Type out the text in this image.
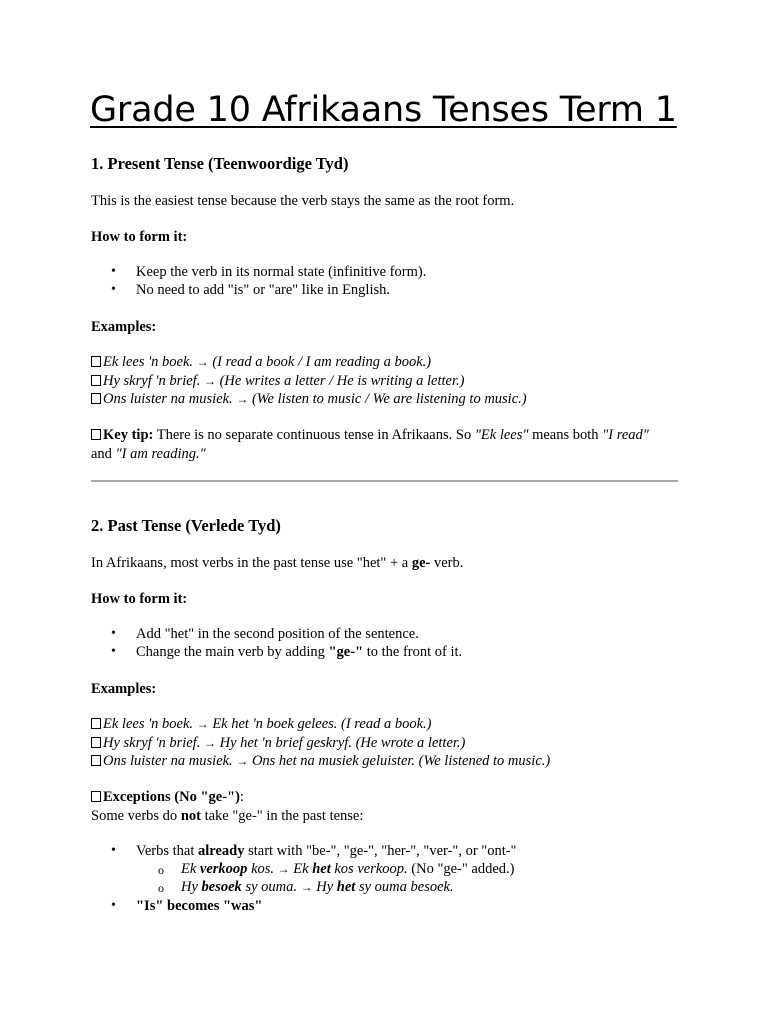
Grade 10 Afrikaans Tenses Term 1
1. Present Tense (Teenwoordige Tyd)
This is the easiest tense because the verb stays the same as the root form.
How to form it:
• Keep the verb in its normal state (infinitive form).
• No need to add "is" or "are" like in English.
Examples:
Ek lees 'n boek. → (I read a book / I am reading a book.)
Hy skryf 'n brief. → (He writes a letter / He is writing a letter.)
Ons luister na musiek. → (We listen to music / We are listening to music.)
Key tip: There is no separate continuous tense in Afrikaans. So "Ek lees" means both "I read"
and "I am reading."
2. Past Tense (Verlede Tyd)
In Afrikaans, most verbs in the past tense use "het" + a ge- verb.
How to form it:
• Add "het" in the second position of the sentence.
• Change the main verb by adding "ge-" to the front of it.
Examples:
Ek lees 'n boek. → Ek het 'n boek gelees. (I read a book.)
Hy skryf 'n brief. → Hy het 'n brief geskryf. (He wrote a letter.)
Ons luister na musiek. → Ons het na musiek geluister. (We listened to music.)
Exceptions (No "ge-"):
Some verbs do not take "ge-" in the past tense:
• Verbs that already start with "be-", "ge-", "her-", "ver-", or "ont-"
o Ek verkoop kos. → Ek het kos verkoop. (No "ge-" added.)
o Hy besoek sy ouma. → Hy het sy ouma besoek.
• "Is" becomes "was"
